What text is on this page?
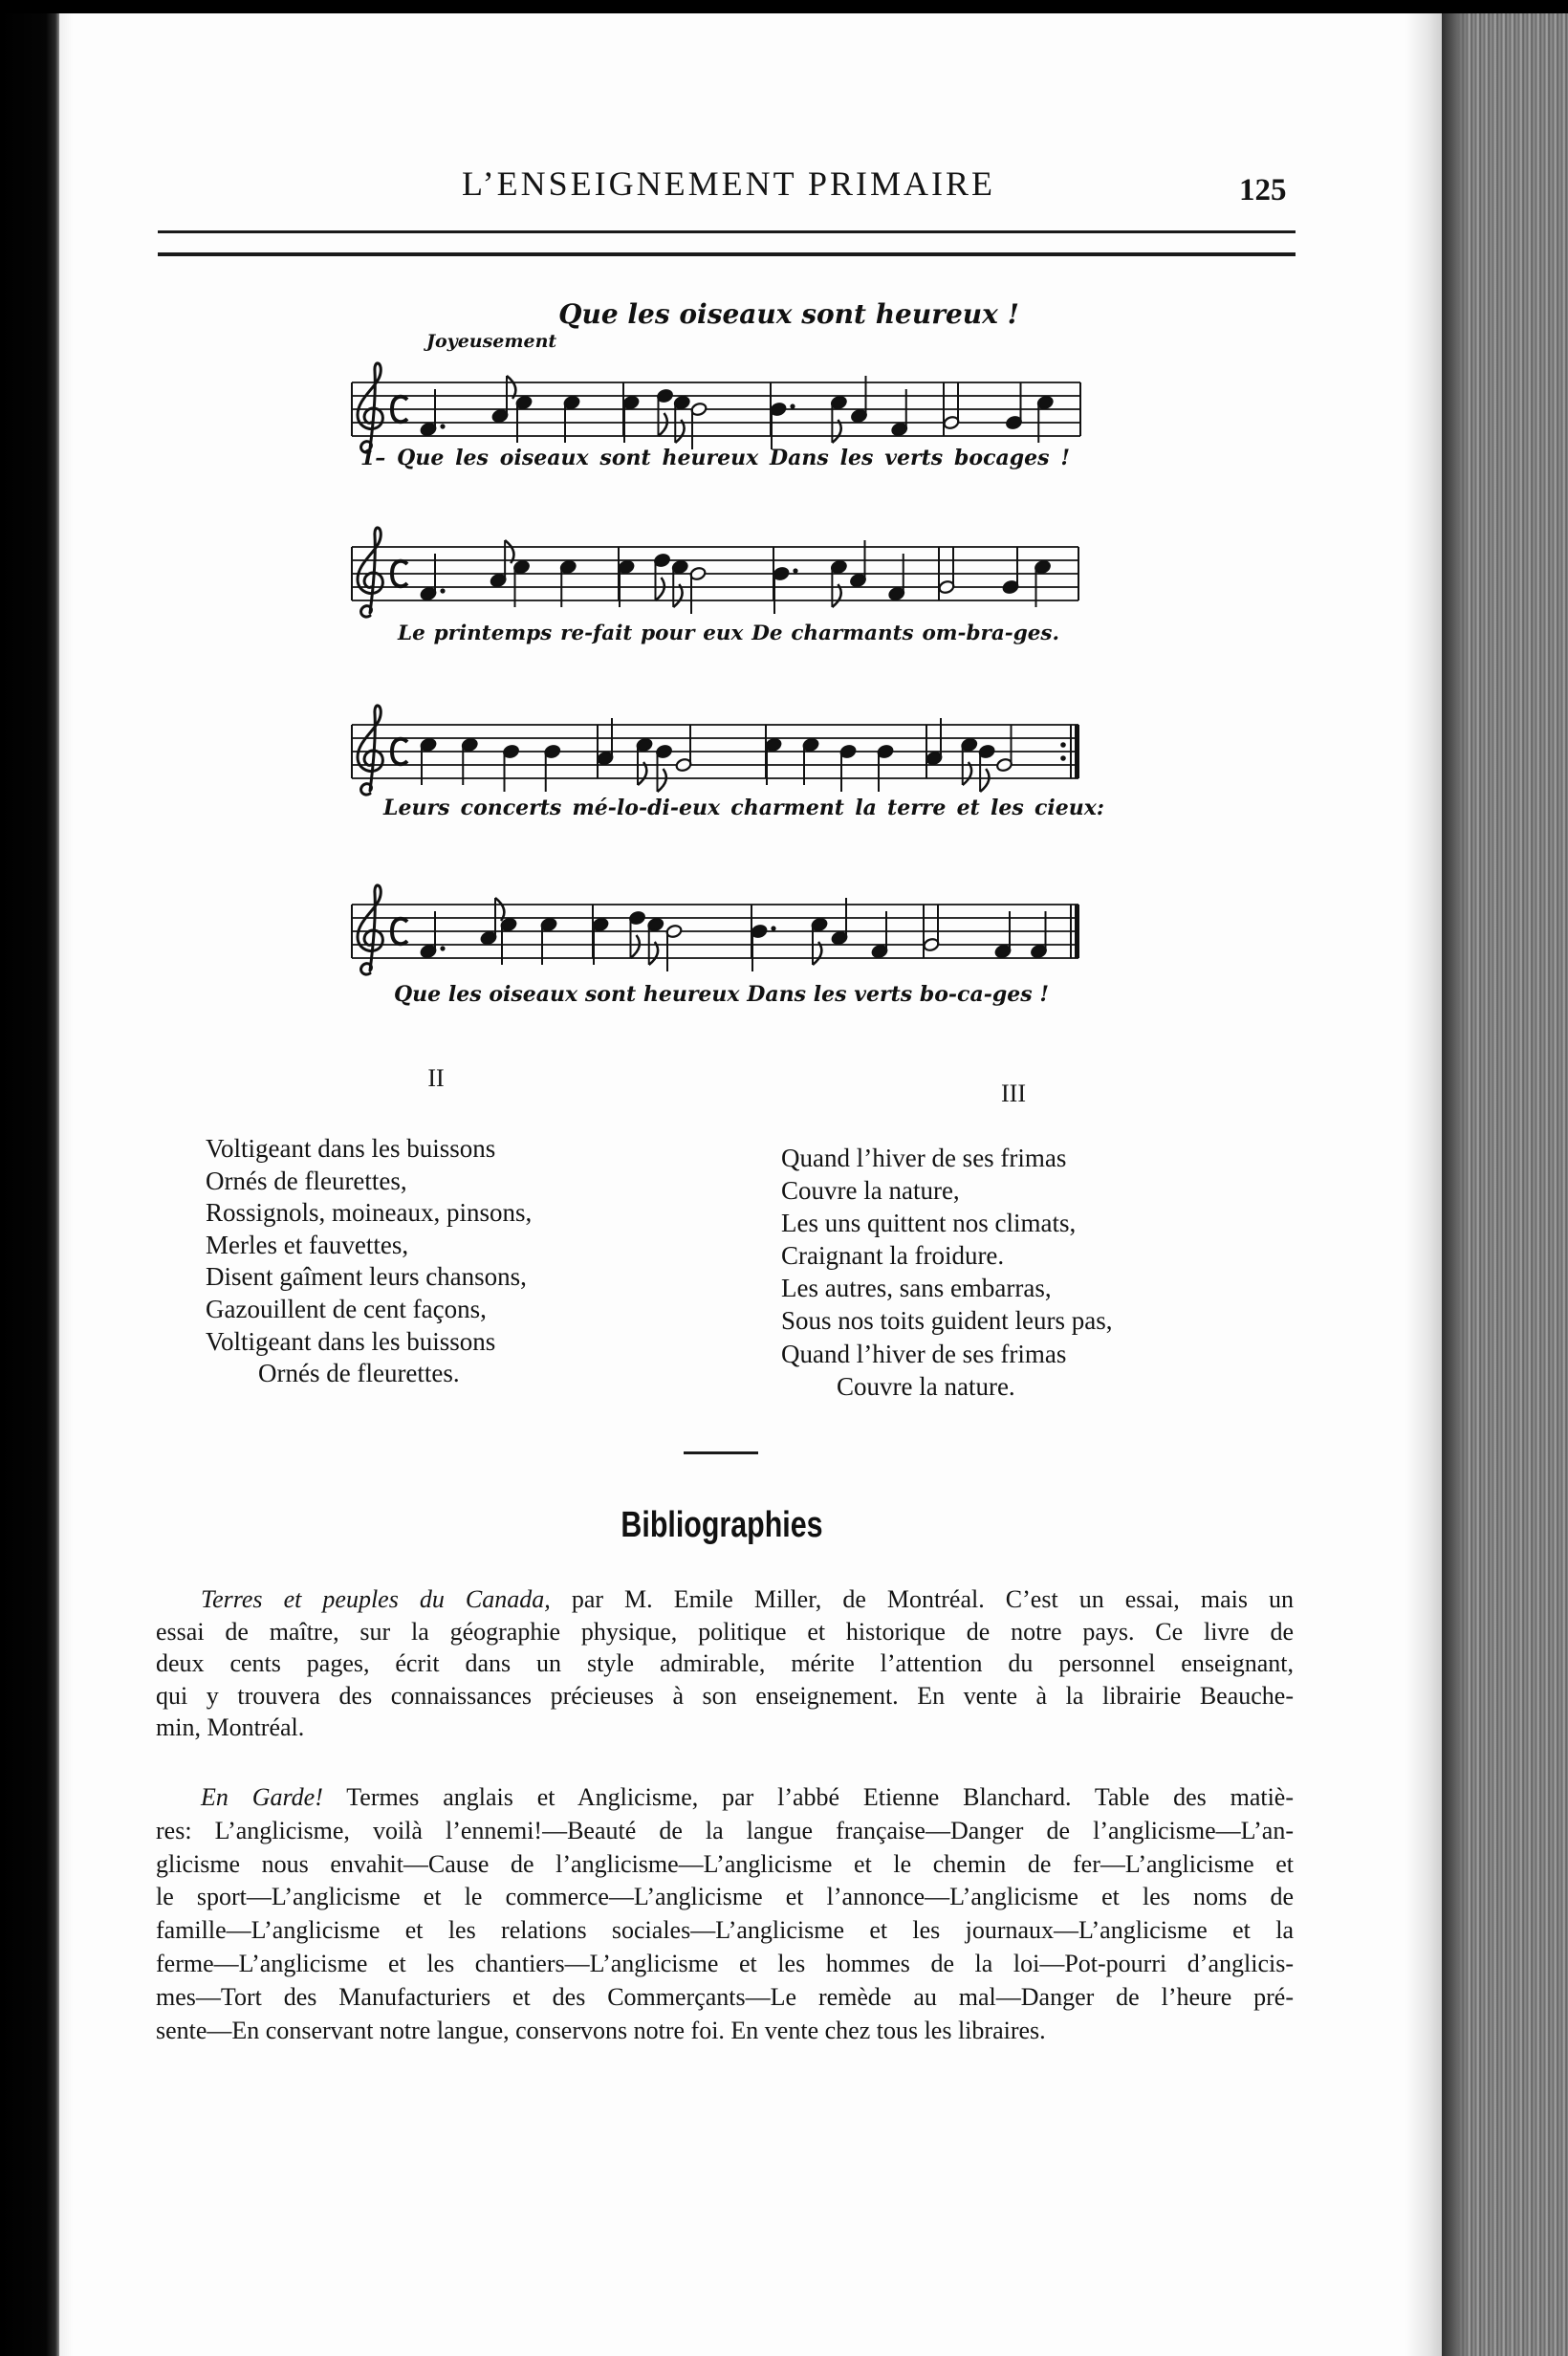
L’ENSEIGNEMENT PRIMAIRE	125
Que les oiseaux sont heureux !
Joyeusement
1– Que les oiseaux sont heureux Dans les verts bocages !
Le printemps re-fait pour eux De charmants om-bra-ges.
Leurs concerts mé-lo-di-eux charment la terre et les cieux:
Que les oiseaux sont heureux Dans les verts bo-ca-ges !
II
III
Voltigeant dans les buissons
Ornés de fleurettes,
Rossignols, moineaux, pinsons,
Merles et fauvettes,
Disent gaîment leurs chansons,
Gazouillent de cent façons,
Voltigeant dans les buissons
Ornés de fleurettes.
Quand l’hiver de ses frimas
Couvre la nature,
Les uns quittent nos climats,
Craignant la froidure.
Les autres, sans embarras,
Sous nos toits guident leurs pas,
Quand l’hiver de ses frimas
Couvre la nature.
Bibliographies
Terres et peuples du Canada, par M. Emile Miller, de Montréal. C’est un essai, mais un
essai de maître, sur la géographie physique, politique et historique de notre pays. Ce livre de
deux cents pages, écrit dans un style admirable, mérite l’attention du personnel enseignant,
qui y trouvera des connaissances précieuses à son enseignement. En vente à la librairie Beauche-
min, Montréal.
En Garde! Termes anglais et Anglicisme, par l’abbé Etienne Blanchard. Table des matiè-
res: L’anglicisme, voilà l’ennemi!—Beauté de la langue française—Danger de l’anglicisme—L’an-
glicisme nous envahit—Cause de l’anglicisme—L’anglicisme et le chemin de fer—L’anglicisme et
le sport—L’anglicisme et le commerce—L’anglicisme et l’annonce—L’anglicisme et les noms de
famille—L’anglicisme et les relations sociales—L’anglicisme et les journaux—L’anglicisme et la
ferme—L’anglicisme et les chantiers—L’anglicisme et les hommes de la loi—Pot-pourri d’anglicis-
mes—Tort des Manufacturiers et des Commerçants—Le remède au mal—Danger de l’heure pré-
sente—En conservant notre langue, conservons notre foi. En vente chez tous les libraires.
